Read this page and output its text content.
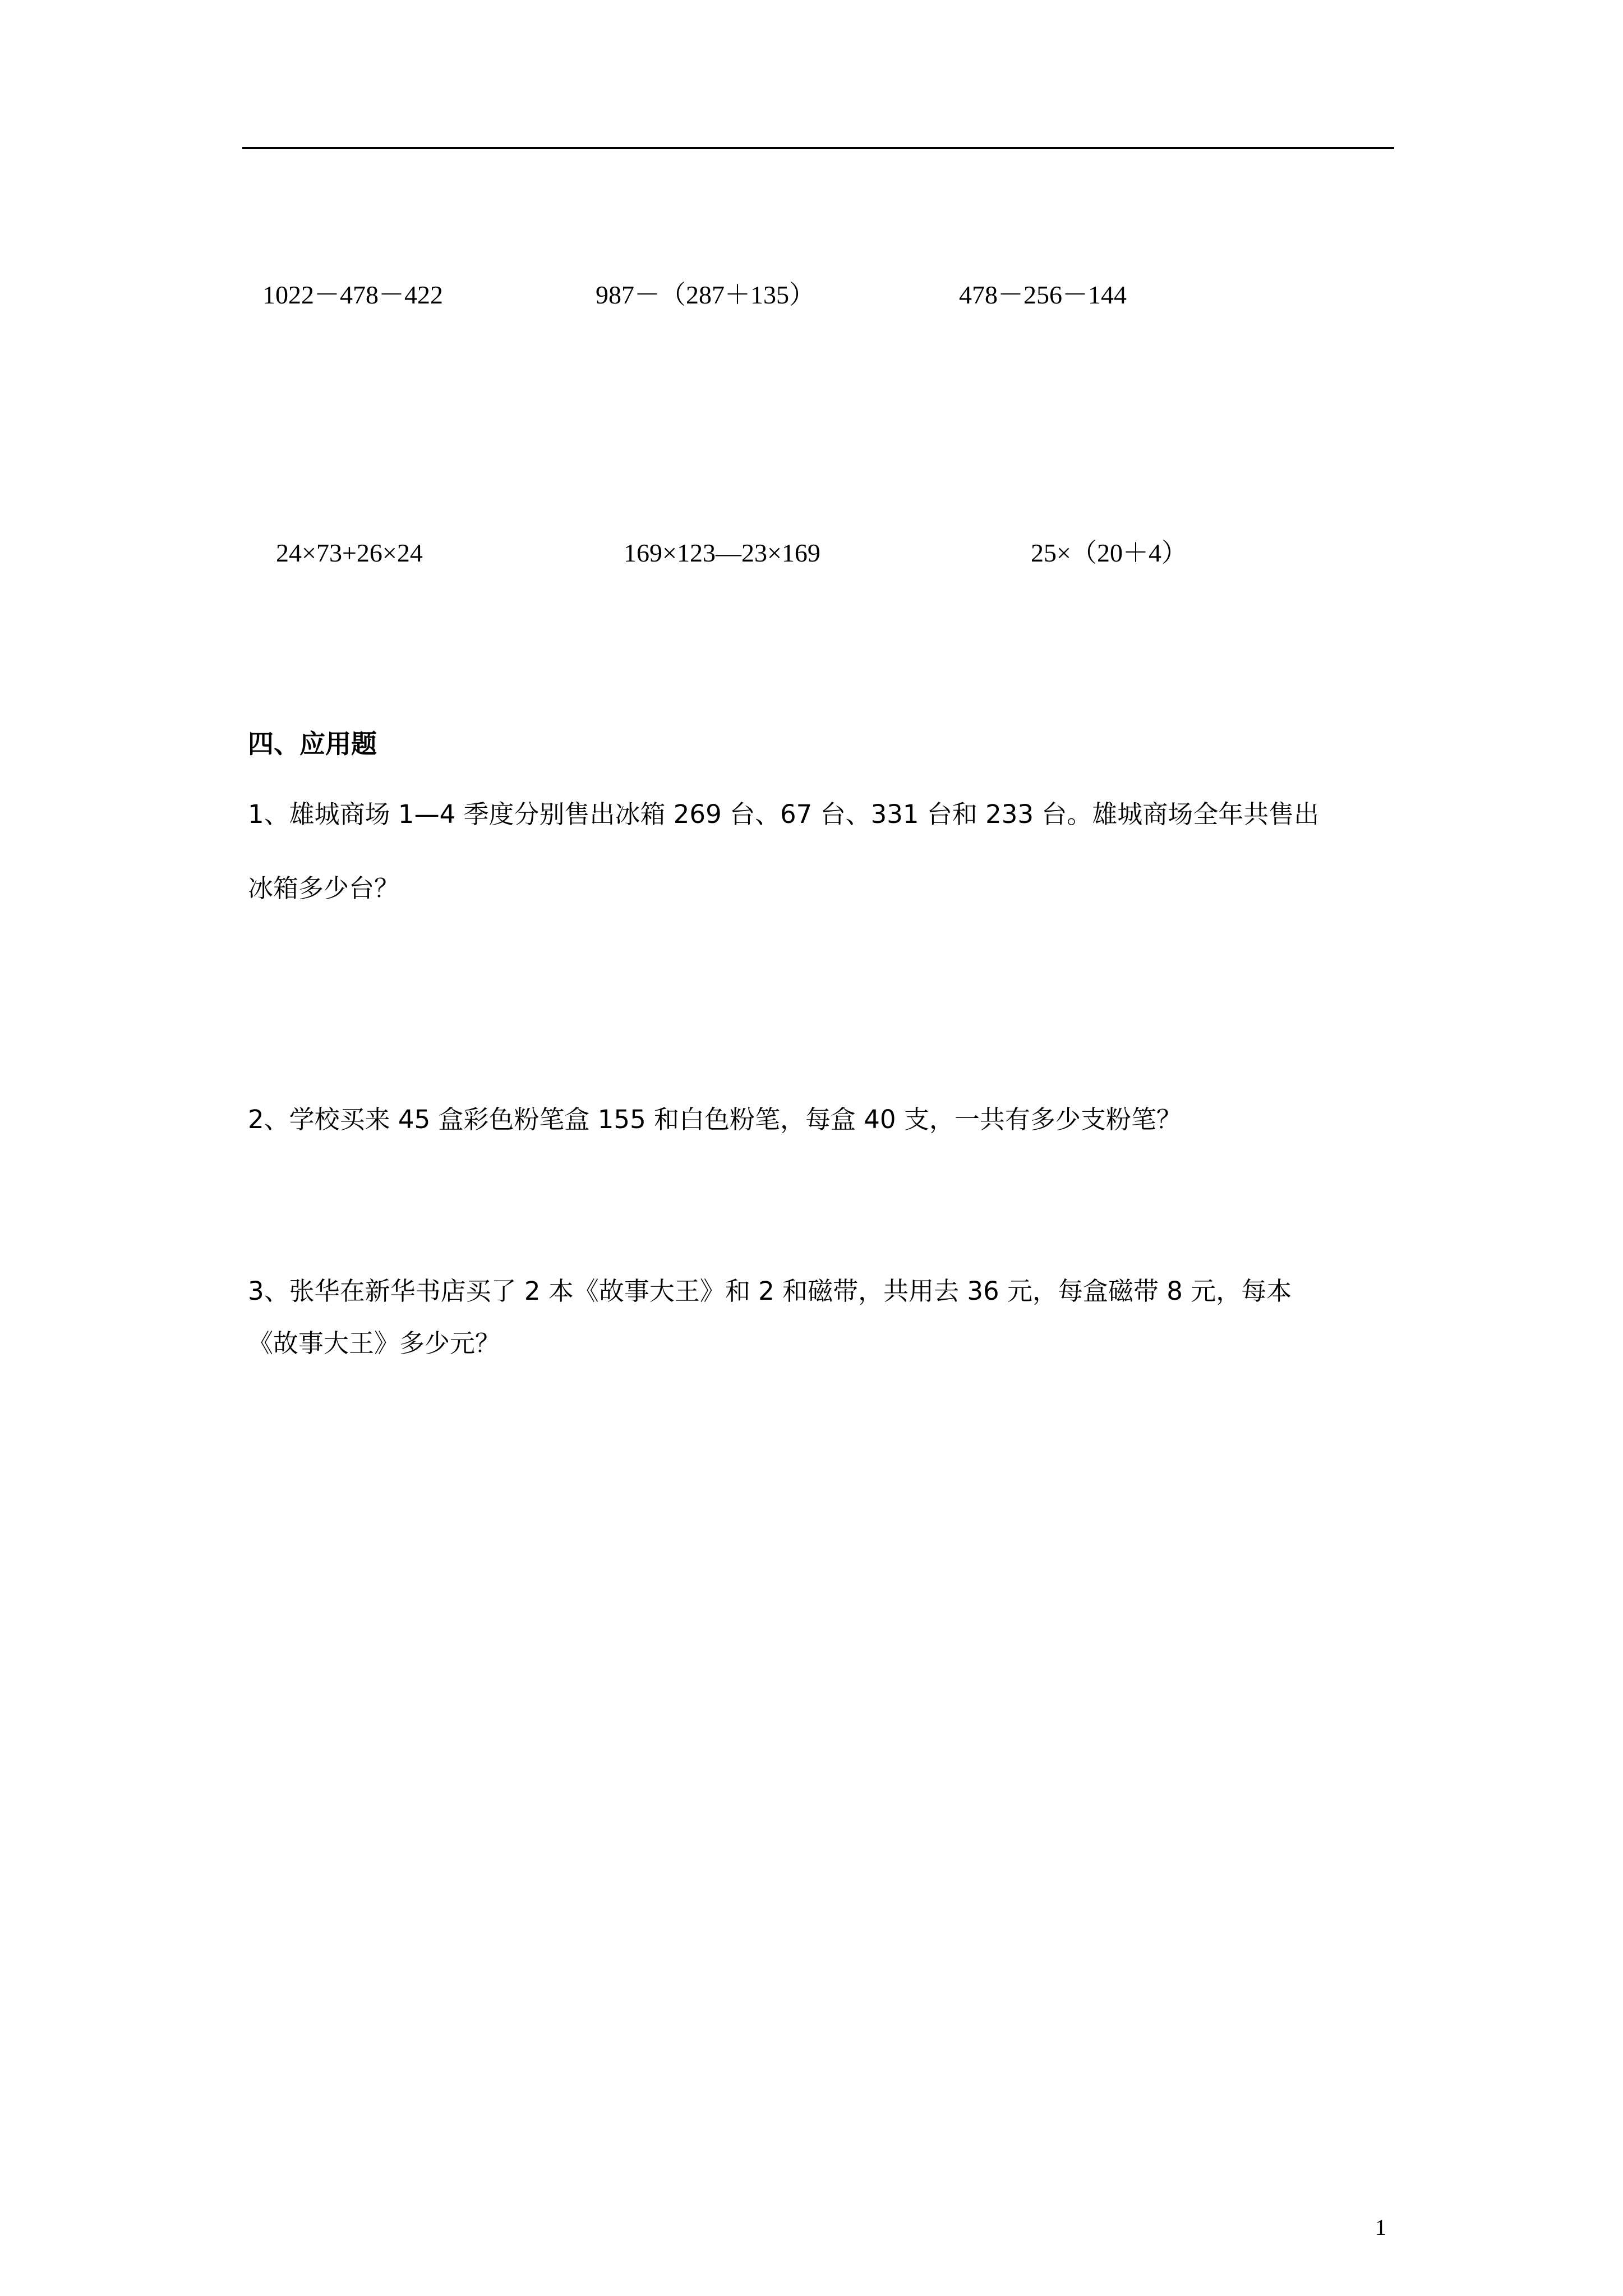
1022－478－422	987－（287＋135）	478－256－144
24×73+26×24	169×123—23×169	25×（20＋4）
四、应用题
1、雄城商场 1—4 季度分别售出冰箱 269 台、67 台、331 台和 233 台。雄城商场全年共售出
冰箱多少台？
2、学校买来 45 盒彩色粉笔盒 155 和白色粉笔，每盒 40 支，一共有多少支粉笔？
3、张华在新华书店买了 2 本《故事大王》和 2 和磁带，共用去 36 元，每盒磁带 8 元，每本
《故事大王》多少元？
1
